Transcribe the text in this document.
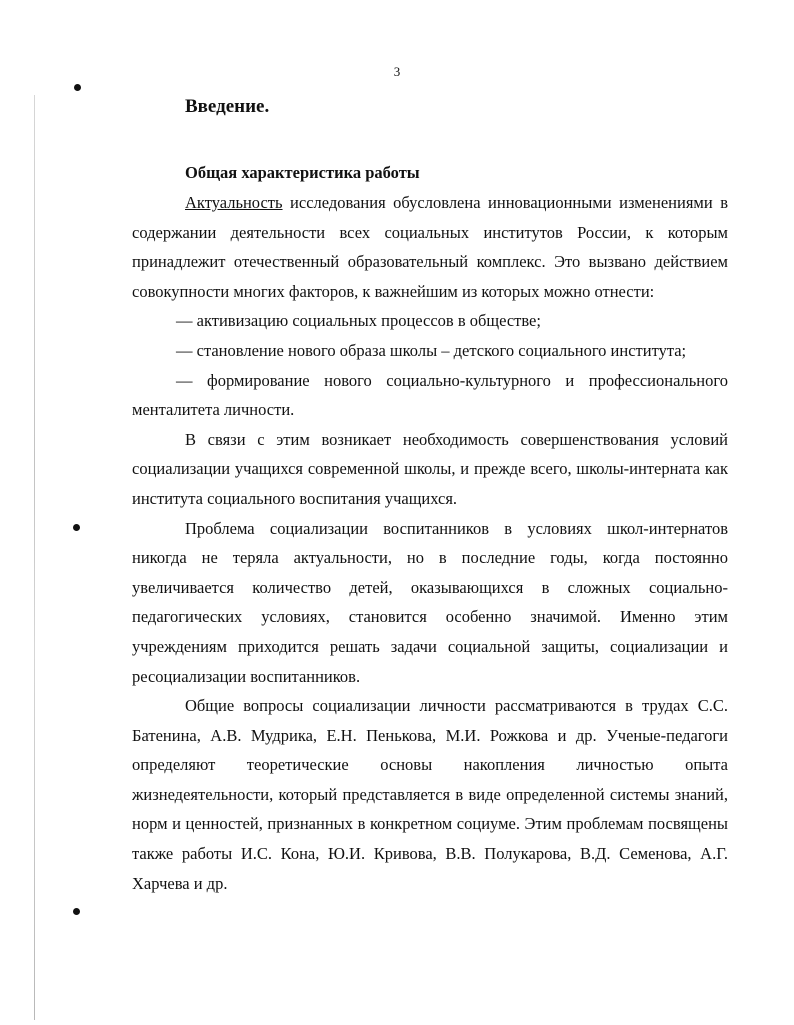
3
Введение.
Общая характеристика работы

Актуальность исследования обусловлена инновационными изменениями в содержании деятельности всех социальных институтов России, к которым принадлежит отечественный образовательный комплекс. Это вызвано действием совокупности многих факторов, к важнейшим из которых можно отнести:

— активизацию социальных процессов в обществе;

— становление нового образа школы – детского социального института;

— формирование нового социально-культурного и профессионального менталитета личности.

В связи с этим возникает необходимость совершенствования условий социализации учащихся современной школы, и прежде всего, школы-интерната как института социального воспитания учащихся.

Проблема социализации воспитанников в условиях школ-интернатов никогда не теряла актуальности, но в последние годы, когда постоянно увеличивается количество детей, оказывающихся в сложных социально-педагогических условиях, становится особенно значимой. Именно этим учреждениям приходится решать задачи социальной защиты, социализации и ресоциализации воспитанников.

Общие вопросы социализации личности рассматриваются в трудах С.С. Батенина, А.В. Мудрика, Е.Н. Пенькова, М.И. Рожкова и др. Ученые-педагоги определяют теоретические основы накопления личностью опыта жизнедеятельности, который представляется в виде определенной системы знаний, норм и ценностей, признанных в конкретном социуме. Этим проблемам посвящены также работы И.С. Кона, Ю.И. Кривова, В.В. Полукарова, В.Д. Семенова, А.Г. Харчева и др.
